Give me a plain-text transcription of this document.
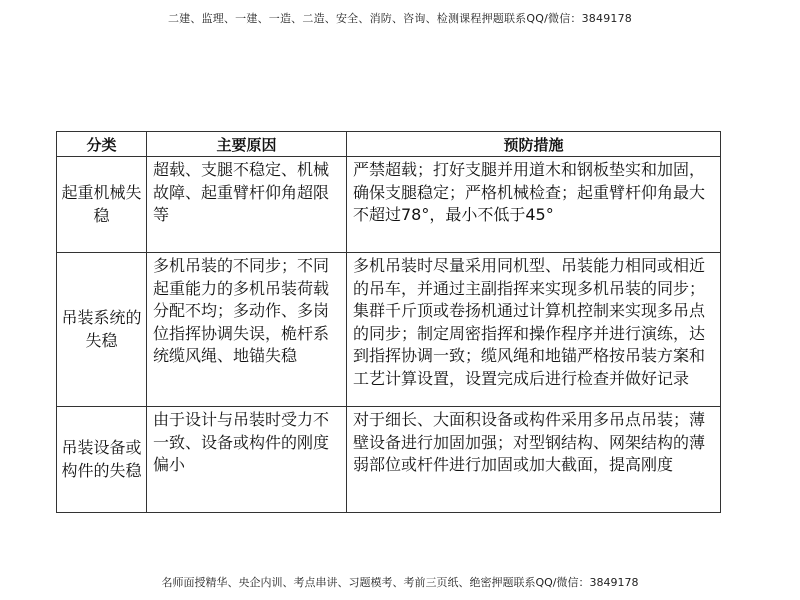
二建、监理、一建、一造、二造、安全、消防、咨询、检测课程押题联系QQ/微信：3849178
分类	主要原因	预防措施
起重机械失稳	超载、支腿不稳定、机械故障、起重臂杆仰角超限等	严禁超载；打好支腿并用道木和钢板垫实和加固，确保支腿稳定；严格机械检查；起重臂杆仰角最大不超过78°，最小不低于45°
吊装系统的失稳	多机吊装的不同步；不同起重能力的多机吊装荷载分配不均；多动作、多岗位指挥协调失误，桅杆系统缆风绳、地锚失稳	多机吊装时尽量采用同机型、吊装能力相同或相近的吊车，并通过主副指挥来实现多机吊装的同步；集群千斤顶或卷扬机通过计算机控制来实现多吊点的同步；制定周密指挥和操作程序并进行演练，达到指挥协调一致；缆风绳和地锚严格按吊装方案和工艺计算设置，设置完成后进行检查并做好记录
吊装设备或构件的失稳	由于设计与吊装时受力不一致、设备或构件的刚度偏小	对于细长、大面积设备或构件采用多吊点吊装；薄壁设备进行加固加强；对型钢结构、网架结构的薄弱部位或杆件进行加固或加大截面，提高刚度
名师面授精华、央企内训、考点串讲、习题模考、考前三页纸、绝密押题联系QQ/微信：3849178
